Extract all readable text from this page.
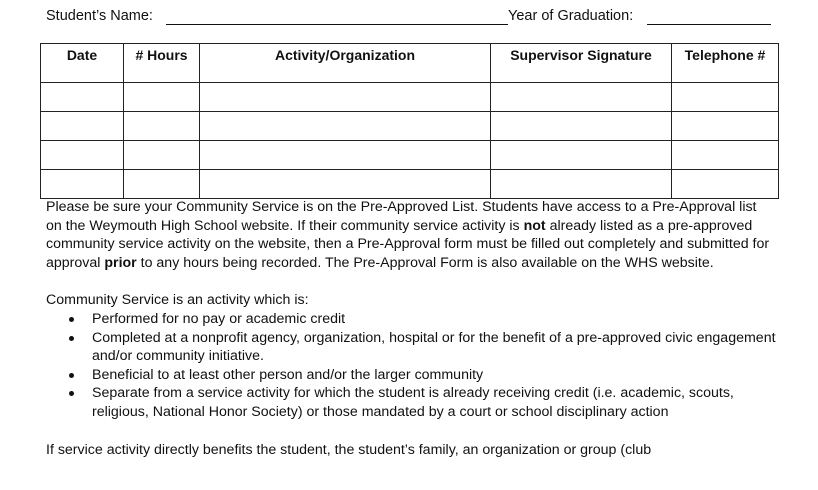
Student’s Name:	Year of Graduation:
Date	# Hours	Activity/Organization	Supervisor Signature	Telephone #

Please be sure your Community Service is on the Pre-Approved List. Students have access to a Pre-Approval list on the Weymouth High School website. If their community service activity is not already listed as a pre-approved community service activity on the website, then a Pre-Approval form must be filled out completely and submitted for approval prior to any hours being recorded. The Pre-Approval Form is also available on the WHS website.

Community Service is an activity which is:

Performed for no pay or academic credit
Completed at a nonprofit agency, organization, hospital or for the benefit of a pre-approved civic engagement and/or community initiative.
Beneficial to at least other person and/or the larger community
Separate from a service activity for which the student is already receiving credit (i.e. academic, scouts, religious, National Honor Society) or those mandated by a court or school disciplinary action

If service activity directly benefits the student, the student’s family, an organization or group (club
